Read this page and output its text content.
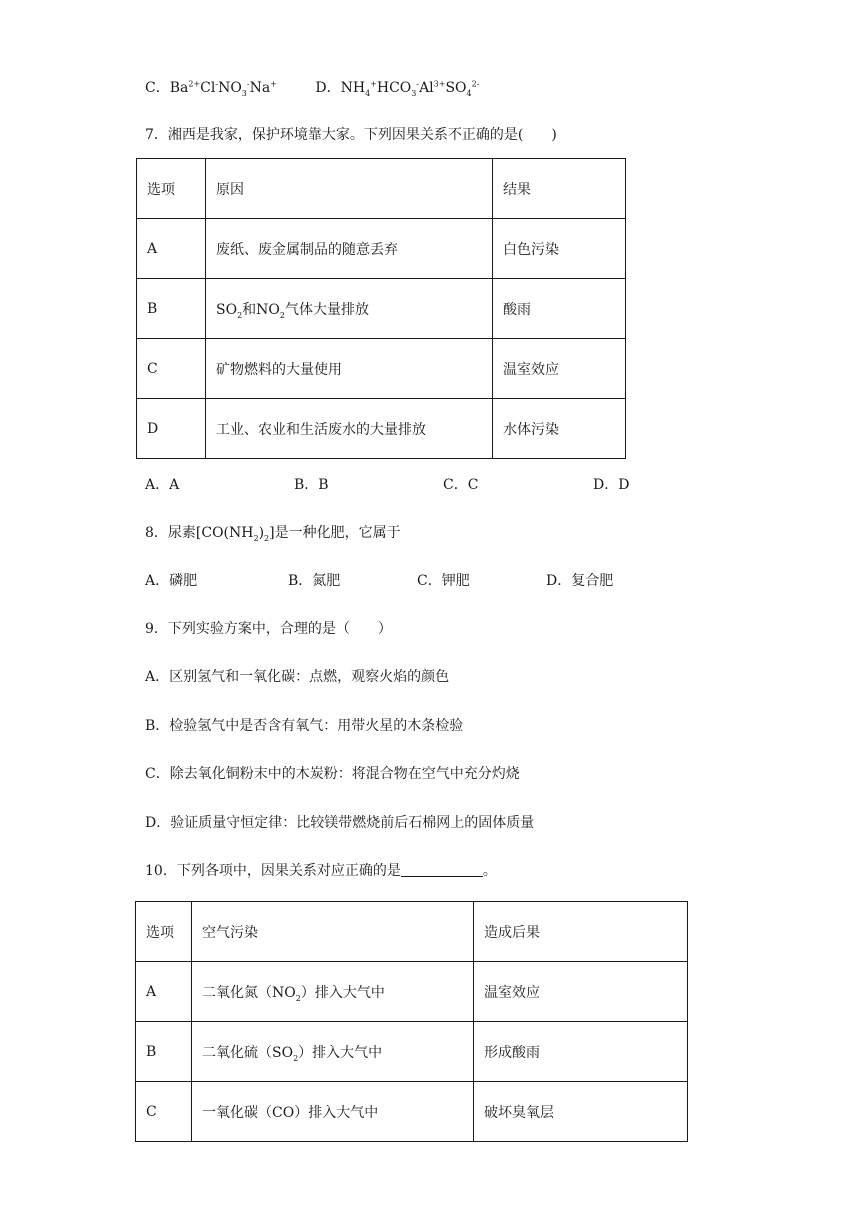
C．$Ba^{2+}Cl^-NO_3^-Na^+$	D．$NH_4^+HCO_3^-Al^{3+}SO_4^{2-}$
7．湘西是我家，保护环境靠大家。下列因果关系不正确的是(　　)
选项	原因	结果
A	废纸、废金属制品的随意丢弃	白色污染
B	$SO_2$和$NO_2$气体大量排放	酸雨
C	矿物燃料的大量使用	温室效应
D	工业、农业和生活废水的大量排放	水体污染
A．A	B．B	C．C	D．D
8．尿素$[CO(NH_2)_2]$是一种化肥，它属于
A．磷肥	B．氮肥	C．钾肥	D．复合肥
9．下列实验方案中，合理的是（　　）
A．区别氢气和一氧化碳：点燃，观察火焰的颜色
B．检验氢气中是否含有氧气：用带火星的木条检验
C．除去氧化铜粉末中的木炭粉：将混合物在空气中充分灼烧
D．验证质量守恒定律：比较镁带燃烧前后石棉网上的固体质量
10．下列各项中，因果关系对应正确的是	。
选项	空气污染	造成后果
A	二氧化氮$(NO_2)$排入大气中	温室效应
B	二氧化硫$(SO_2)$排入大气中	形成酸雨
C	一氧化碳（CO）排入大气中	破坏臭氧层
